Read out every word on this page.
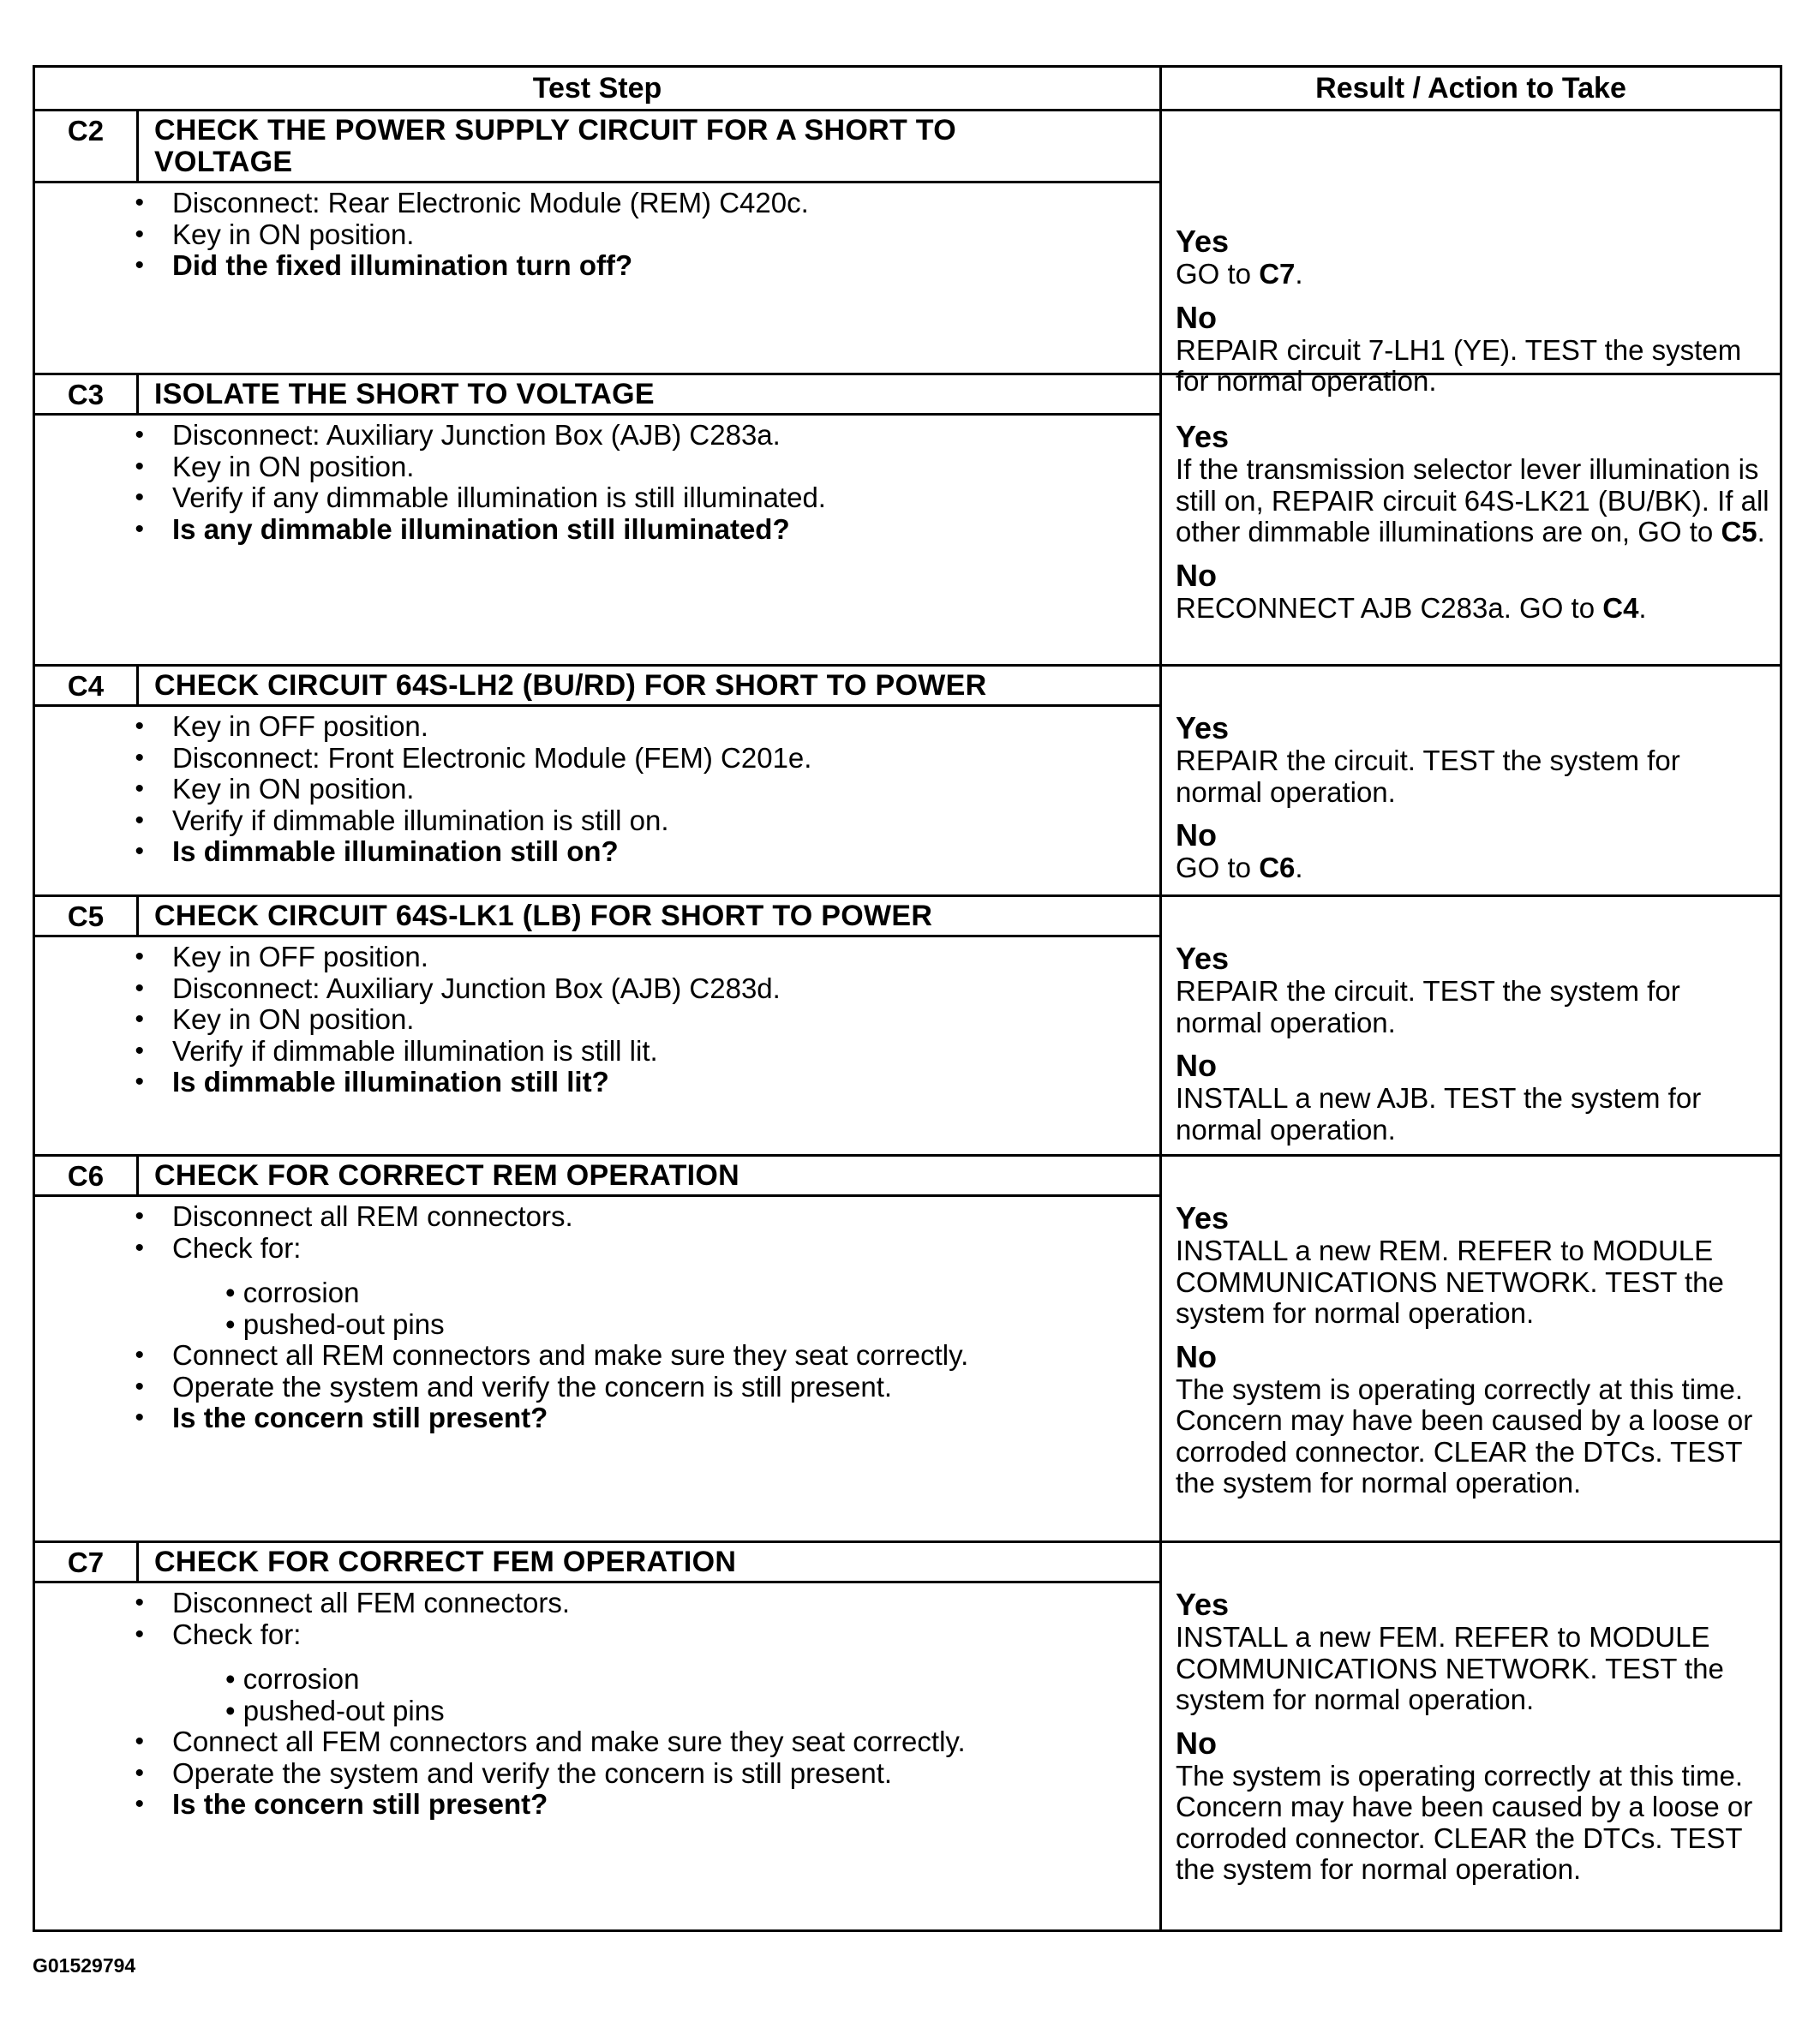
Test Step	Result / Action to Take
C2	CHECK THE POWER SUPPLY CIRCUIT FOR A SHORT TO
VOLTAGE
•	Disconnect: Rear Electronic Module (REM) C420c.
•	Key in ON position.
•	Did the fixed illumination turn off?
Yes
GO to C7.
No
REPAIR circuit 7-LH1 (YE). TEST the system for normal operation.
C3	ISOLATE THE SHORT TO VOLTAGE
•	Disconnect: Auxiliary Junction Box (AJB) C283a.
•	Key in ON position.
•	Verify if any dimmable illumination is still illuminated.
•	Is any dimmable illumination still illuminated?
Yes
If the transmission selector lever illumination is still on, REPAIR circuit 64S-LK21 (BU/BK). If all other dimmable illuminations are on, GO to C5.
No
RECONNECT AJB C283a. GO to C4.
C4	CHECK CIRCUIT 64S-LH2 (BU/RD) FOR SHORT TO POWER
•	Key in OFF position.
•	Disconnect: Front Electronic Module (FEM) C201e.
•	Key in ON position.
•	Verify if dimmable illumination is still on.
•	Is dimmable illumination still on?
Yes
REPAIR the circuit. TEST the system for normal operation.
No
GO to C6.
C5	CHECK CIRCUIT 64S-LK1 (LB) FOR SHORT TO POWER
•	Key in OFF position.
•	Disconnect: Auxiliary Junction Box (AJB) C283d.
•	Key in ON position.
•	Verify if dimmable illumination is still lit.
•	Is dimmable illumination still lit?
Yes
REPAIR the circuit. TEST the system for normal operation.
No
INSTALL a new AJB. TEST the system for normal operation.
C6	CHECK FOR CORRECT REM OPERATION
•	Disconnect all REM connectors.
•	Check for:
• corrosion
• pushed-out pins
•	Connect all REM connectors and make sure they seat correctly.
•	Operate the system and verify the concern is still present.
•	Is the concern still present?
Yes
INSTALL a new REM. REFER to MODULE COMMUNICATIONS NETWORK. TEST the system for normal operation.
No
The system is operating correctly at this time. Concern may have been caused by a loose or corroded connector. CLEAR the DTCs. TEST the system for normal operation.
C7	CHECK FOR CORRECT FEM OPERATION
•	Disconnect all FEM connectors.
•	Check for:
• corrosion
• pushed-out pins
•	Connect all FEM connectors and make sure they seat correctly.
•	Operate the system and verify the concern is still present.
•	Is the concern still present?
Yes
INSTALL a new FEM. REFER to MODULE COMMUNICATIONS NETWORK. TEST the system for normal operation.
No
The system is operating correctly at this time. Concern may have been caused by a loose or corroded connector. CLEAR the DTCs. TEST the system for normal operation.
G01529794
